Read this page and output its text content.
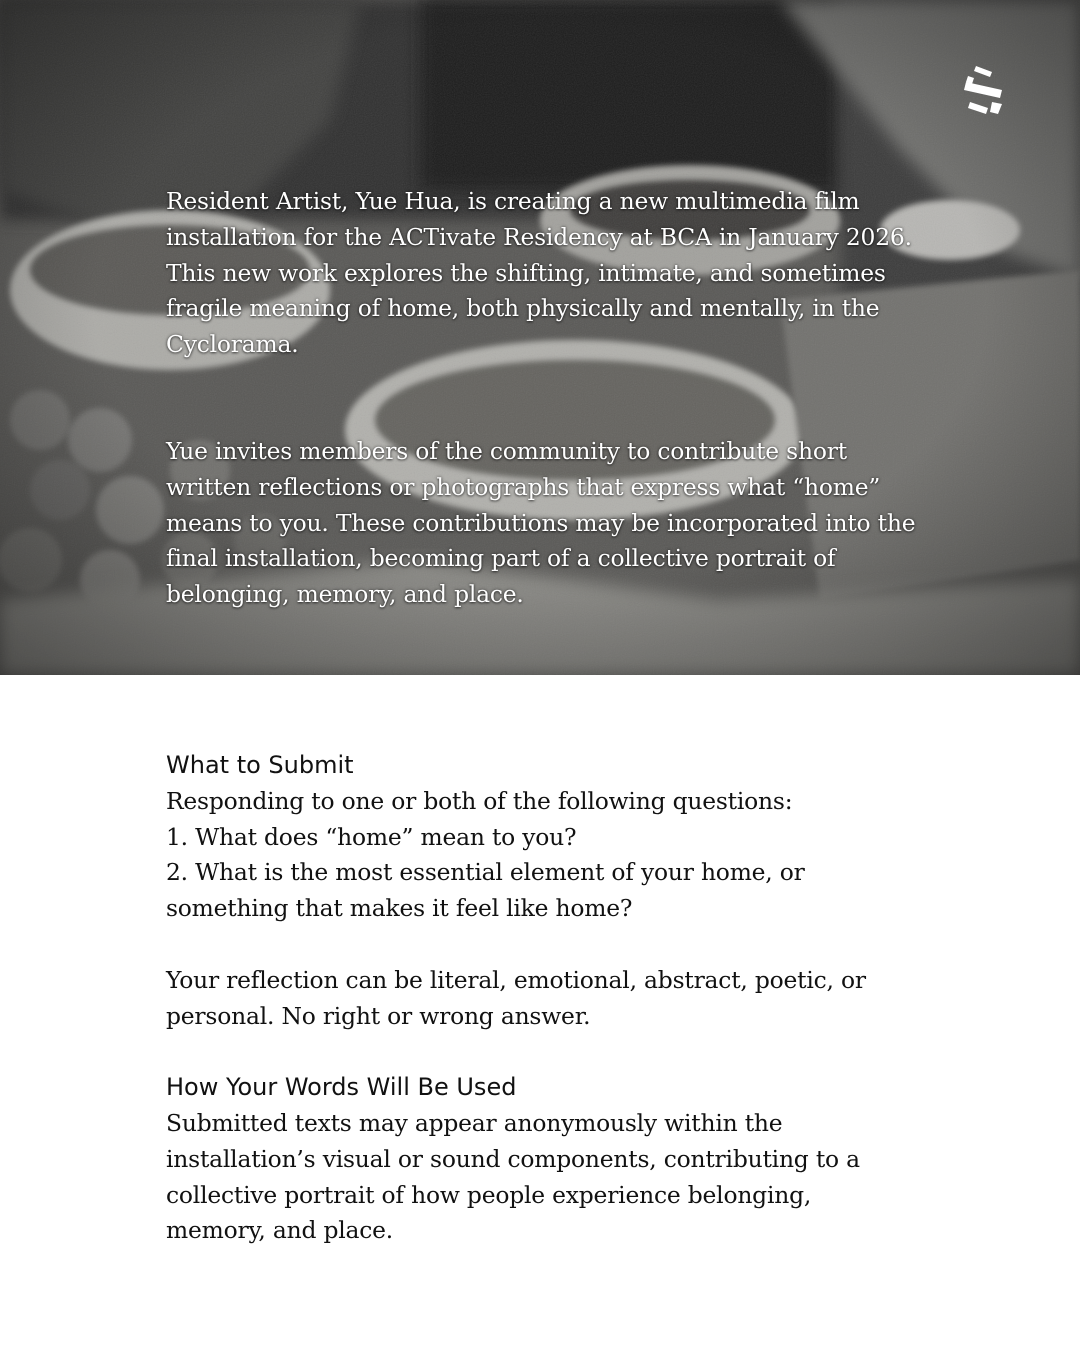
Resident Artist, Yue Hua, is creating a new multimedia film installation for the ACTivate Residency at BCA in January 2026. This new work explores the shifting, intimate, and sometimes fragile meaning of home, both physically and mentally, in the Cyclorama.

Yue invites members of the community to contribute short written reflections or photographs that express what “home” means to you. These contributions may be incorporated into the final installation, becoming part of a collective portrait of belonging, memory, and place.

What to Submit
Responding to one or both of the following questions:
1. What does “home” mean to you?
2. What is the most essential element of your home, or something that makes it feel like home?
Your reflection can be literal, emotional, abstract, poetic, or personal. No right or wrong answer.
How Your Words Will Be Used
Submitted texts may appear anonymously within the installation’s visual or sound components, contributing to a collective portrait of how people experience belonging, memory, and place.
